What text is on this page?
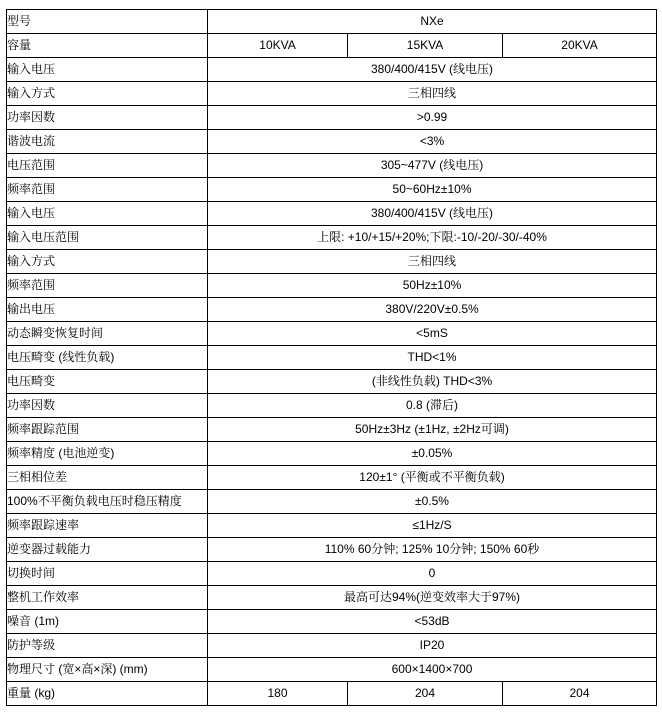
型号	NXe		
容量	10KVA	15KVA	20KVA
输入电压	380/400/415V (线电压)		
输入方式	三相四线		
功率因数	>0.99		
谐波电流	<3%		
电压范围	305~477V (线电压)		
频率范围	50~60Hz±10%		
输入电压	380/400/415V (线电压)		
输入电压范围	上限: +10/+15/+20%;下限:-10/-20/-30/-40%		
输入方式	三相四线		
频率范围	50Hz±10%		
输出电压	380V/220V±0.5%		
动态瞬变恢复时间	<5mS		
电压畸变 (线性负载)	THD<1%		
电压畸变	(非线性负载) THD<3%		
功率因数	0.8 (滞后)		
频率跟踪范围	50Hz±3Hz (±1Hz, ±2Hz可调)		
频率精度 (电池逆变)	±0.05%		
三相相位差	120±1° (平衡或不平衡负载)		
100%不平衡负载电压时稳压精度	±0.5%		
频率跟踪速率	≤1Hz/S		
逆变器过载能力	110% 60分钟; 125% 10分钟; 150% 60秒		
切换时间	0		
整机工作效率	最高可达94%(逆变效率大于97%)		
噪音 (1m)	<53dB		
防护等级	IP20		
物理尺寸 (宽×高×深) (mm)	600×1400×700		
重量 (kg)	180	204	204
